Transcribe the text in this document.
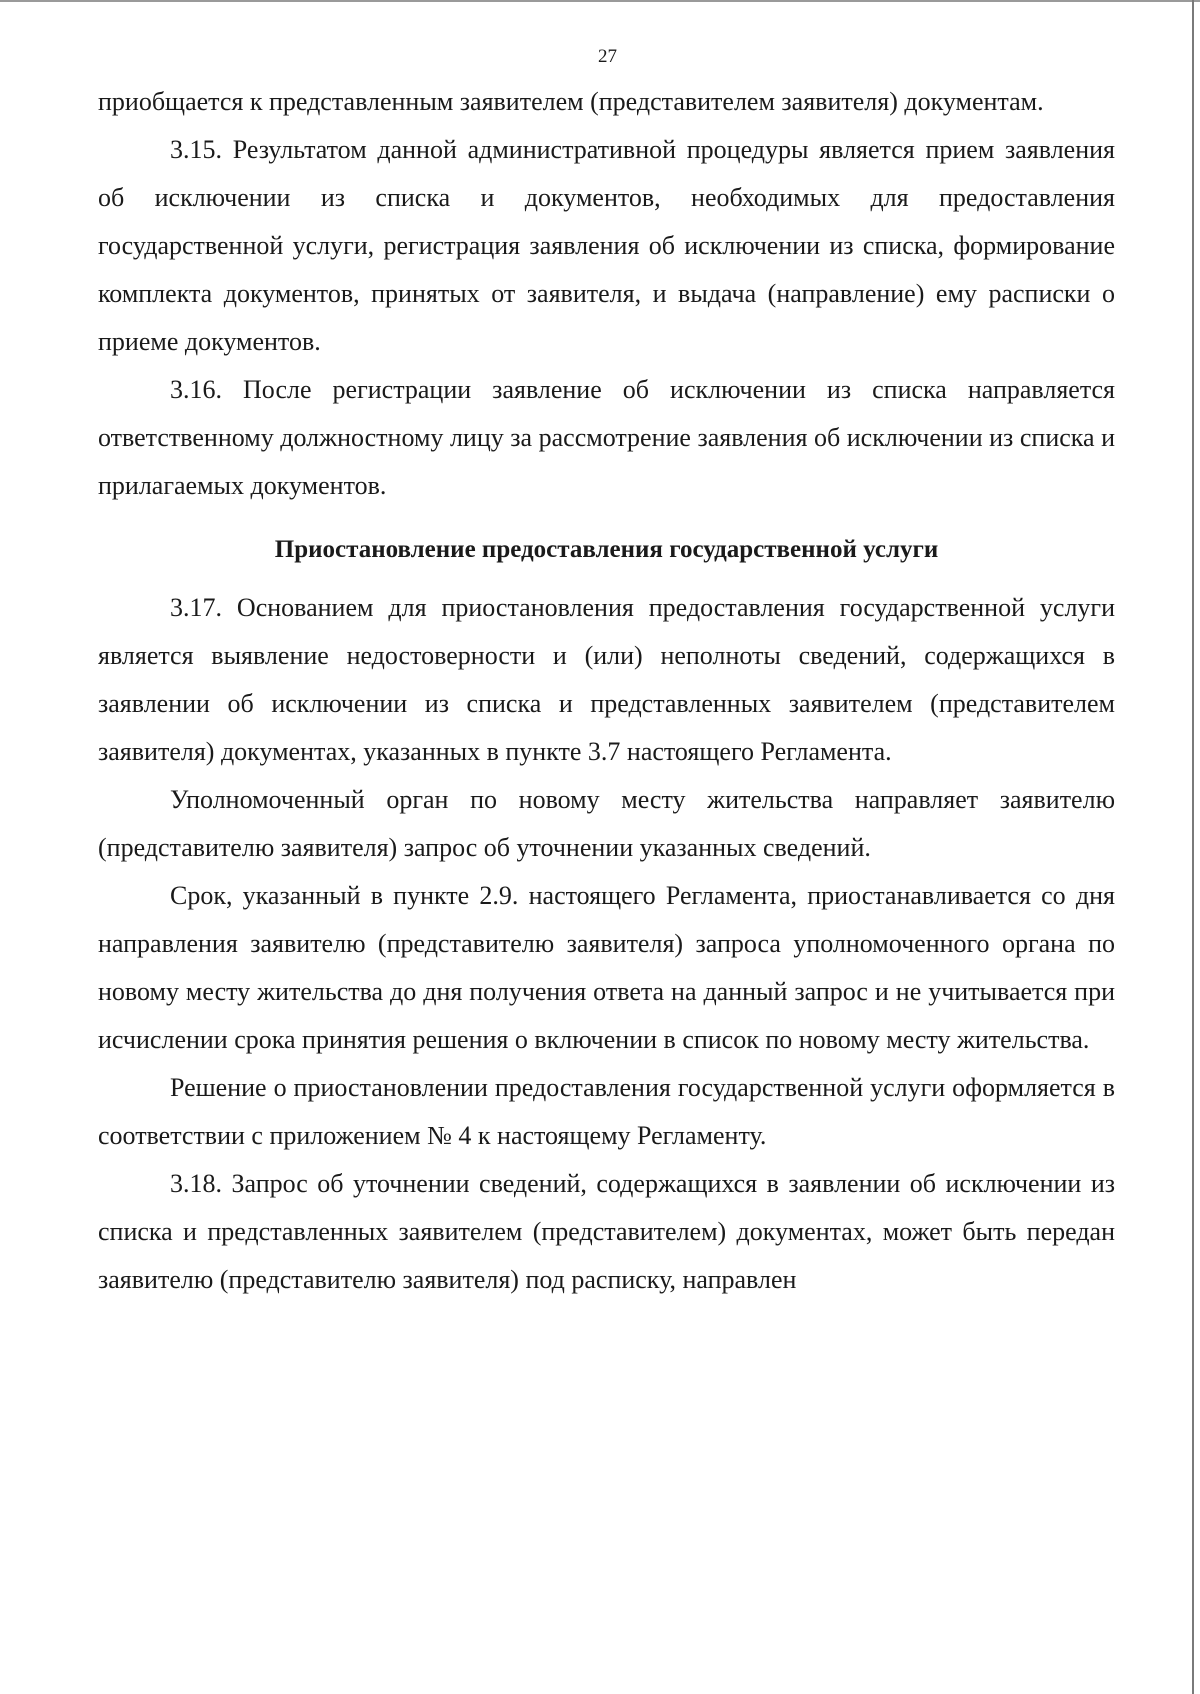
27

приобщается к представленным заявителем (представителем заявителя) документам.

3.15. Результатом данной административной процедуры является прием заявления об исключении из списка и документов, необходимых для предоставления государственной услуги, регистрация заявления об исключении из списка, формирование комплекта документов, принятых от заявителя, и выдача (направление) ему расписки о приеме документов.

3.16. После регистрации заявление об исключении из списка направляется ответственному должностному лицу за рассмотрение заявления об исключении из списка и прилагаемых документов.

Приостановление предоставления государственной услуги

3.17. Основанием для приостановления предоставления государственной услуги является выявление недостоверности и (или) неполноты сведений, содержащихся в заявлении об исключении из списка и представленных заявителем (представителем заявителя) документах, указанных в пункте 3.7 настоящего Регламента.

Уполномоченный орган по новому месту жительства направляет заявителю (представителю заявителя) запрос об уточнении указанных сведений.

Срок, указанный в пункте 2.9. настоящего Регламента, приостанавливается со дня направления заявителю (представителю заявителя) запроса уполномоченного органа по новому месту жительства до дня получения ответа на данный запрос и не учитывается при исчислении срока принятия решения о включении в список по новому месту жительства.

Решение о приостановлении предоставления государственной услуги оформляется в соответствии с приложением № 4 к настоящему Регламенту.

3.18. Запрос об уточнении сведений, содержащихся в заявлении об исключении из списка и представленных заявителем (представителем) документах, может быть передан заявителю (представителю заявителя) под расписку, направлен
